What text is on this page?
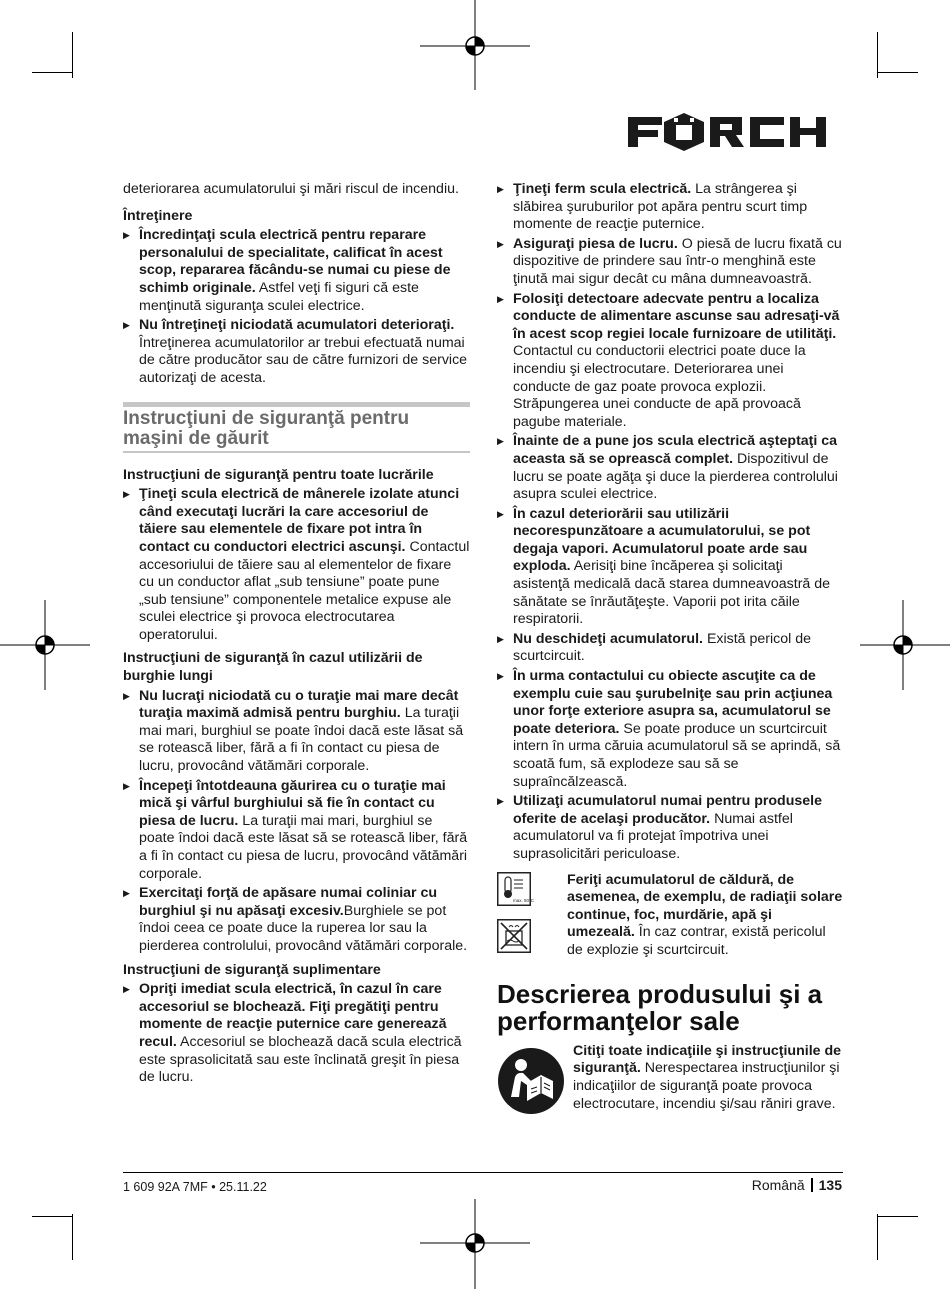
deteriorarea acumulatorului şi mări riscul de incendiu.

Întreţinere

▶ Încredinţaţi scula electrică pentru reparare personalului de specialitate, calificat în acest scop, repararea făcându-se numai cu piese de schimb originale. Astfel veţi fi siguri că este menţinută siguranţa sculei electrice.

▶ Nu întreţineţi niciodată acumulatori deterioraţi. Întreţinerea acumulatorilor ar trebui efectuată numai de către producător sau de către furnizori de service autorizaţi de acesta.

Instrucţiuni de siguranţă pentru maşini de găurit

Instrucţiuni de siguranţă pentru toate lucrările

▶ Ţineţi scula electrică de mânerele izolate atunci când executaţi lucrări la care accesoriul de tăiere sau elementele de fixare pot intra în contact cu conductori electrici ascunşi. Contactul accesoriului de tăiere sau al elementelor de fixare cu un conductor aflat „sub tensiune” poate pune „sub tensiune” componentele metalice expuse ale sculei electrice şi provoca electrocutarea operatorului.

Instrucţiuni de siguranţă în cazul utilizării de burghie lungi

▶ Nu lucraţi niciodată cu o turaţie mai mare decât turaţia maximă admisă pentru burghiu. La turaţii mai mari, burghiul se poate îndoi dacă este lăsat să se rotească liber, fără a fi în contact cu piesa de lucru, provocând vătămări corporale.

▶ Începeţi întotdeauna găurirea cu o turaţie mai mică şi vârful burghiului să fie în contact cu piesa de lucru. La turaţii mai mari, burghiul se poate îndoi dacă este lăsat să se rotească liber, fără a fi în contact cu piesa de lucru, provocând vătămări corporale.

▶ Exercitaţi forţă de apăsare numai coliniar cu burghiul şi nu apăsaţi excesiv.Burghiele se pot îndoi ceea ce poate duce la ruperea lor sau la pierderea controlului, provocând vătămări corporale.

Instrucţiuni de siguranţă suplimentare

▶ Opriţi imediat scula electrică, în cazul în care accesoriul se blochează. Fiţi pregătiţi pentru momente de reacţie puternice care generează recul. Accesoriul se blochează dacă scula electrică este sprasolicitată sau este înclinată greşit în piesa de lucru.

▶ Ţineţi ferm scula electrică. La strângerea şi slăbirea şuruburilor pot apăra pentru scurt timp momente de reacţie puternice.

▶ Asiguraţi piesa de lucru. O piesă de lucru fixată cu dispozitive de prindere sau într-o menghină este ţinută mai sigur decât cu mâna dumneavoastră.

▶ Folosiţi detectoare adecvate pentru a localiza conducte de alimentare ascunse sau adresaţi-vă în acest scop regiei locale furnizoare de utilităţi. Contactul cu conductorii electrici poate duce la incendiu şi electrocutare. Deteriorarea unei conducte de gaz poate provoca explozii. Străpungerea unei conducte de apă provoacă pagube materiale.

▶ Înainte de a pune jos scula electrică aşteptaţi ca aceasta să se oprească complet. Dispozitivul de lucru se poate agăţa şi duce la pierderea controlului asupra sculei electrice.

▶ În cazul deteriorării sau utilizării necorespunzătoare a acumulatorului, se pot degaja vapori. Acumulatorul poate arde sau exploda. Aerisiţi bine încăperea şi solicitaţi asistenţă medicală dacă starea dumneavoastră de sănătate se înrăutăţeşte. Vaporii pot irita căile respiratorii.

▶ Nu deschideţi acumulatorul. Există pericol de scurtcircuit.

▶ În urma contactului cu obiecte ascuţite ca de exemplu cuie sau şurubelniţe sau prin acţiunea unor forţe exteriore asupra sa, acumulatorul se poate deteriora. Se poate produce un scurtcircuit intern în urma căruia acumulatorul să se aprindă, să scoată fum, să explodeze sau să se supraîncălzească.

▶ Utilizaţi acumulatorul numai pentru produsele oferite de acelaşi producător. Numai astfel acumulatorul va fi protejat împotriva unei suprasolicitări periculoase.

max. 50°C

Feriţi acumulatorul de căldură, de asemenea, de exemplu, de radiaţii solare continue, foc, murdărie, apă şi umezeală. În caz contrar, există pericolul de explozie şi scurtcircuit.

Descrierea produsului şi a performanţelor sale

Citiţi toate indicaţiile şi instrucţiunile de siguranţă. Nerespectarea instrucţiunilor şi indicaţiilor de siguranţă poate provoca electrocutare, incendiu şi/sau răniri grave.

1 609 92A 7MF • 25.11.22	Română 135
